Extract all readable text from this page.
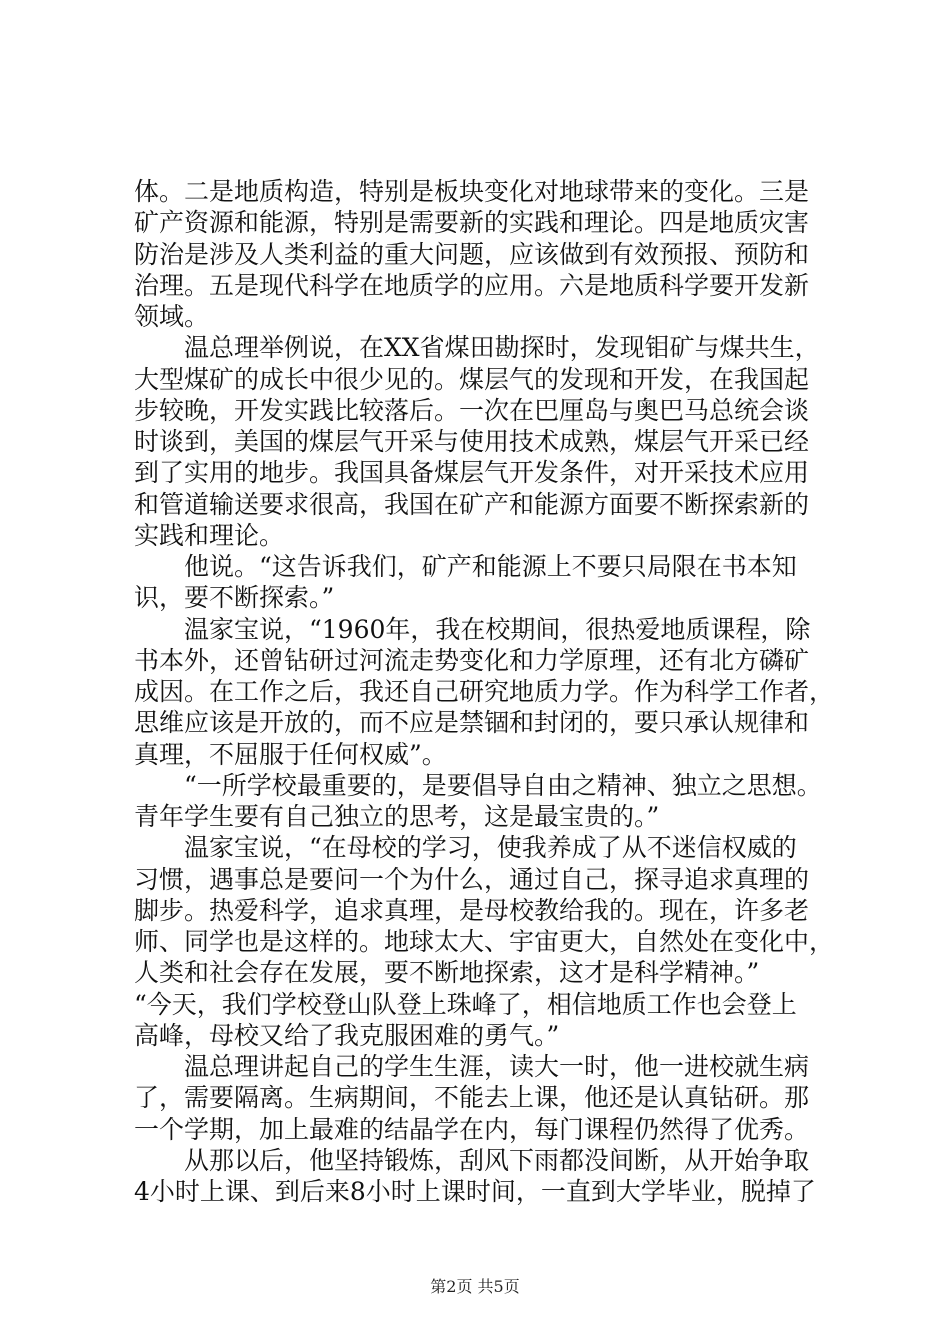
体。二是地质构造，特别是板块变化对地球带来的变化。三是
矿产资源和能源，特别是需要新的实践和理论。四是地质灾害
防治是涉及人类利益的重大问题，应该做到有效预报、预防和
治理。五是现代科学在地质学的应用。六是地质科学要开发新
领域。
温总理举例说，在XX省煤田勘探时，发现钼矿与煤共生，
大型煤矿的成长中很少见的。煤层气的发现和开发，在我国起
步较晚，开发实践比较落后。一次在巴厘岛与奥巴马总统会谈
时谈到，美国的煤层气开采与使用技术成熟，煤层气开采已经
到了实用的地步。我国具备煤层气开发条件，对开采技术应用
和管道输送要求很高，我国在矿产和能源方面要不断探索新的
实践和理论。
他说。“这告诉我们，矿产和能源上不要只局限在书本知
识，要不断探索。”
温家宝说，“1960年，我在校期间，很热爱地质课程，除
书本外，还曾钻研过河流走势变化和力学原理，还有北方磷矿
成因。在工作之后，我还自己研究地质力学。作为科学工作者，
思维应该是开放的，而不应是禁锢和封闭的，要只承认规律和
真理，不屈服于任何权威”。
“一所学校最重要的，是要倡导自由之精神、独立之思想。
青年学生要有自己独立的思考，这是最宝贵的。”
温家宝说，“在母校的学习，使我养成了从不迷信权威的
习惯，遇事总是要问一个为什么，通过自己，探寻追求真理的
脚步。热爱科学，追求真理，是母校教给我的。现在，许多老
师、同学也是这样的。地球太大、宇宙更大，自然处在变化中，
人类和社会存在发展，要不断地探索，这才是科学精神。”
“今天，我们学校登山队登上珠峰了，相信地质工作也会登上
高峰，母校又给了我克服困难的勇气。”
温总理讲起自己的学生生涯，读大一时，他一进校就生病
了，需要隔离。生病期间，不能去上课，他还是认真钻研。那
一个学期，加上最难的结晶学在内，每门课程仍然得了优秀。
从那以后，他坚持锻炼，刮风下雨都没间断，从开始争取
4小时上课、到后来8小时上课时间，一直到大学毕业，脱掉了
第2页 共5页
